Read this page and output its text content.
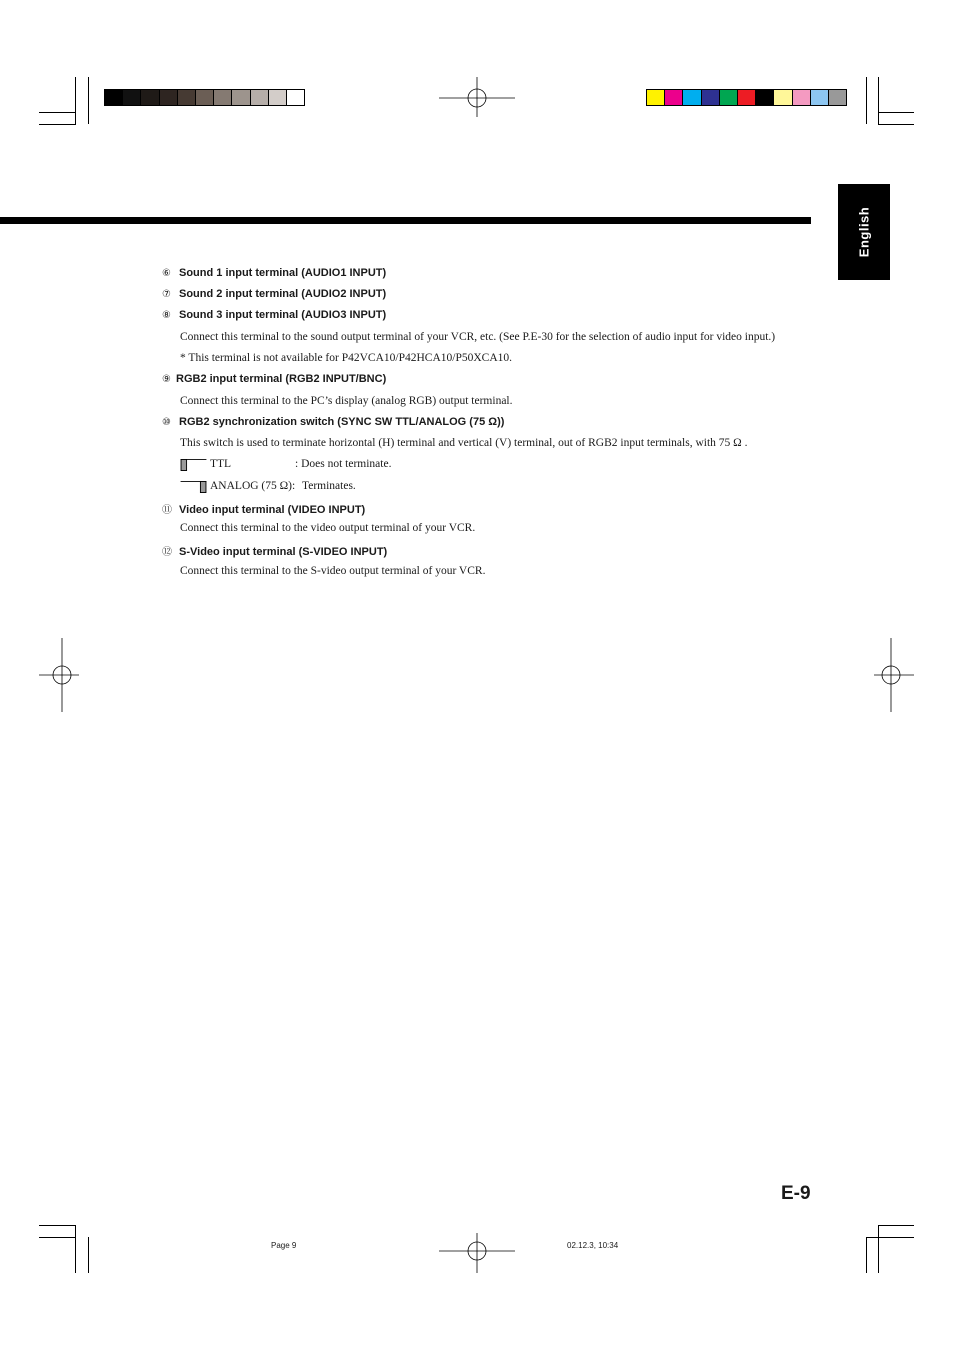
English
⑥ Sound 1 input terminal (AUDIO1 INPUT)
⑦ Sound 2 input terminal (AUDIO2 INPUT)
⑧ Sound 3 input terminal (AUDIO3 INPUT)
Connect this terminal to the sound output terminal of your VCR, etc. (See P.E-30 for the selection of audio input for video input.)
* This terminal is not available for P42VCA10/P42HCA10/P50XCA10.
⑨ RGB2 input terminal (RGB2 INPUT/BNC)
Connect this terminal to the PC’s display (analog RGB) output terminal.
⑩ RGB2 synchronization switch (SYNC SW TTL/ANALOG (75 Ω))
This switch is used to terminate horizontal (H) terminal and vertical (V) terminal, out of RGB2 input terminals, with 75 Ω .
TTL	: Does not terminate.
ANALOG (75 Ω): Terminates.
⑪ Video input terminal (VIDEO INPUT)
Connect this terminal to the video output terminal of your VCR.
⑫ S-Video input terminal (S-VIDEO INPUT)
Connect this terminal to the S-video output terminal of your VCR.
E-9
Page 9	02.12.3, 10:34
